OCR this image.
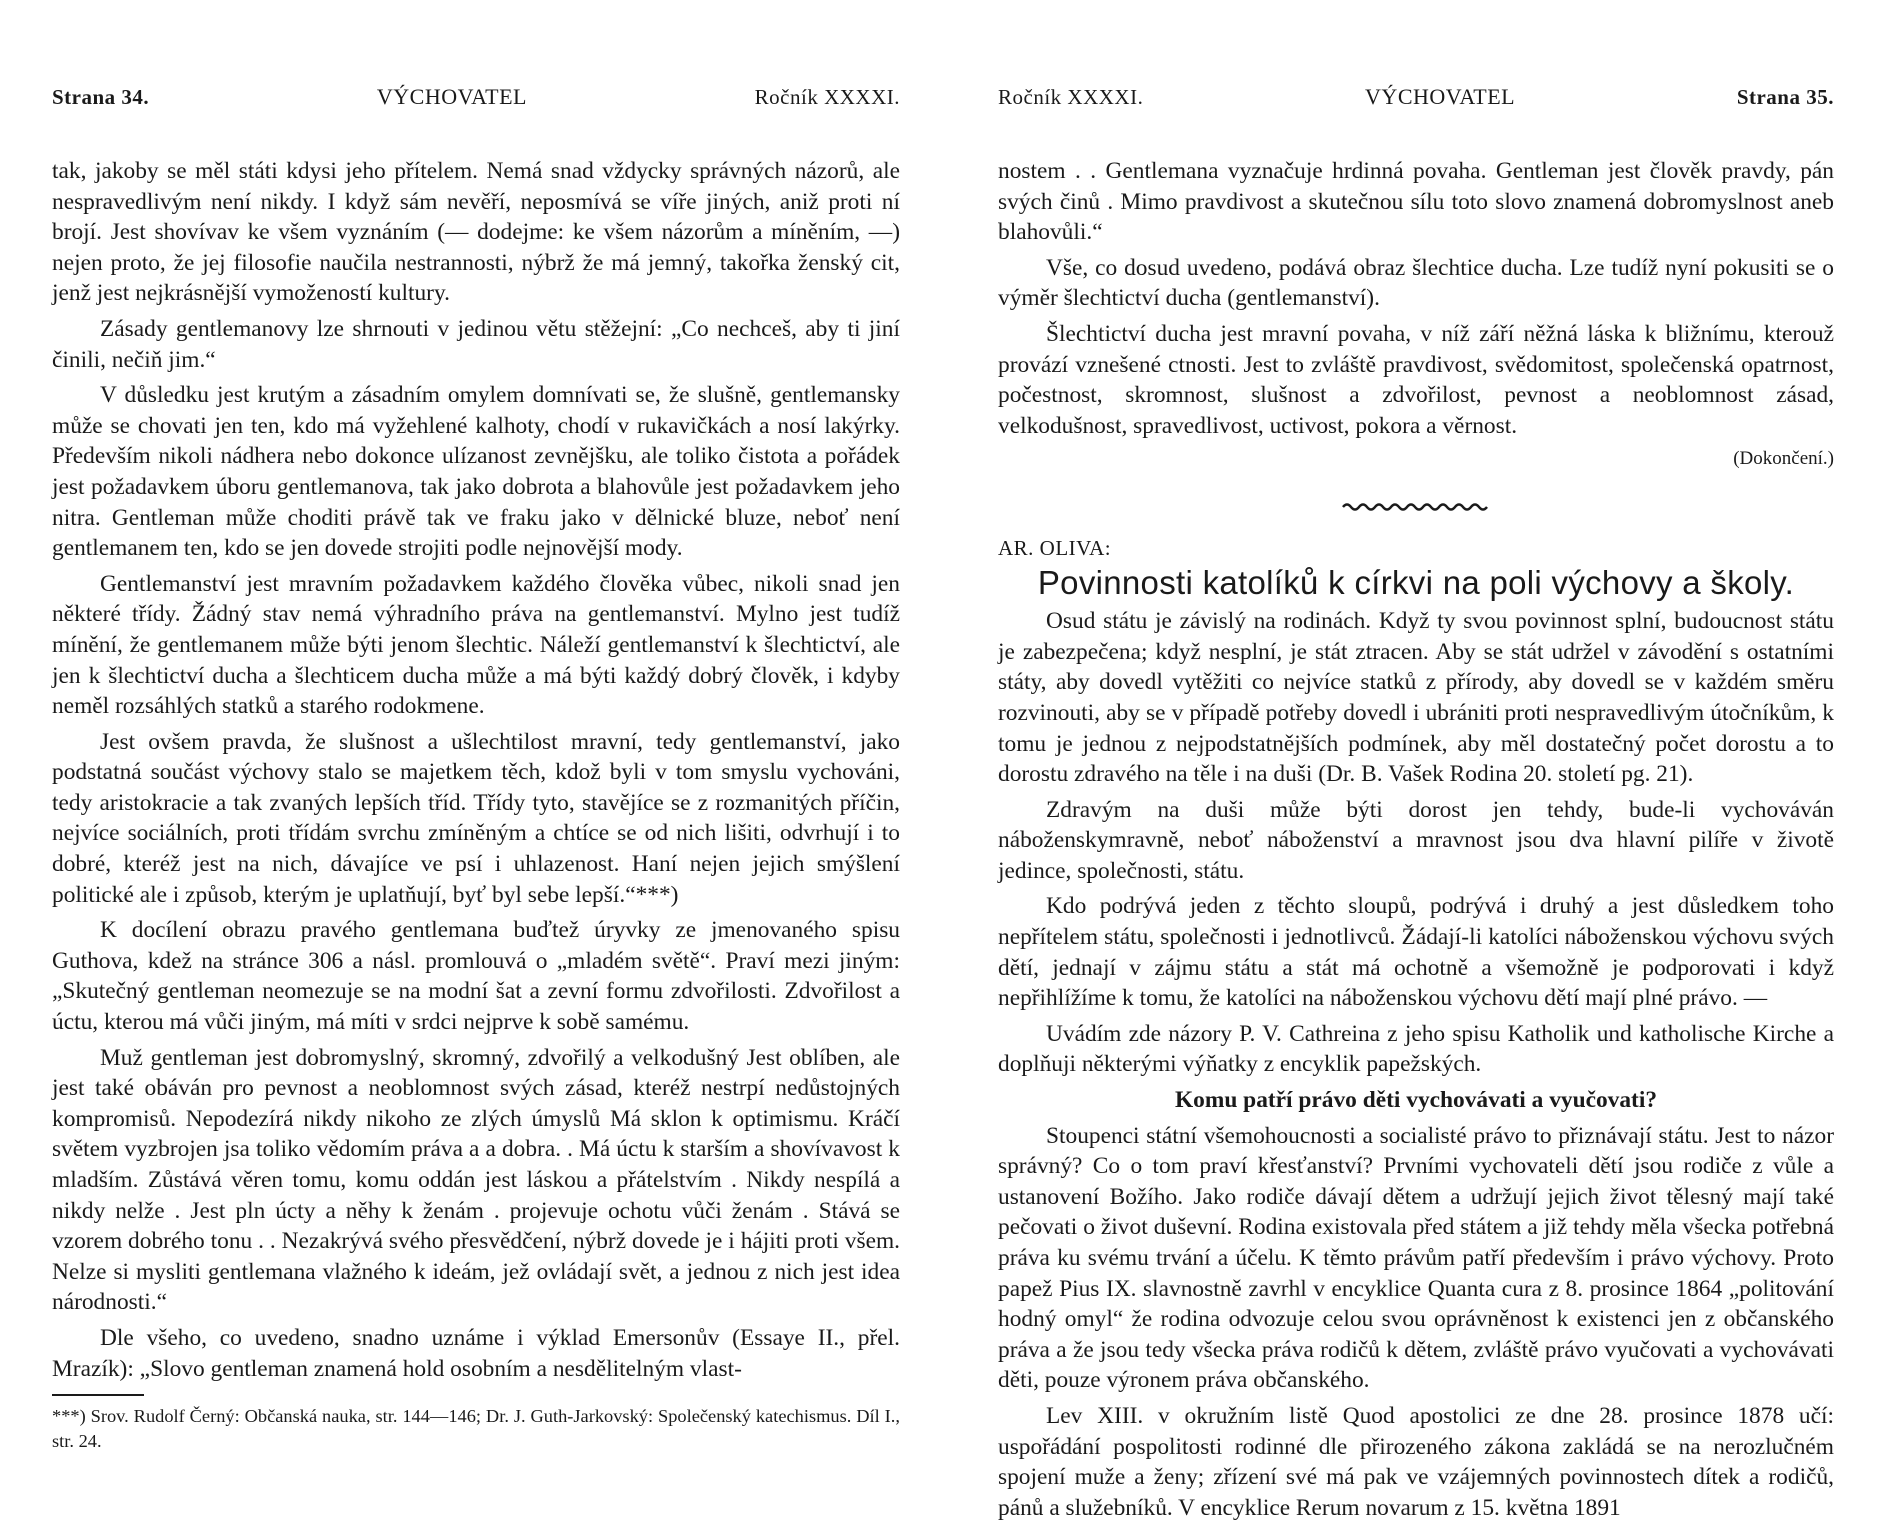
Strana 34.	VÝCHOVATEL	Ročník XXXXI.

tak, jakoby se měl státi kdysi jeho přítelem. Nemá snad vždycky správných názorů, ale nespravedlivým není nikdy. I když sám nevěří, neposmívá se víře jiných, aniž proti ní brojí. Jest shovívav ke všem vyznáním (— dodejme: ke všem názorům a míněním, —) nejen proto, že jej filosofie naučila nestrannosti, nýbrž že má jemný, takořka ženský cit, jenž jest nejkrásnější vymožeností kultury.

Zásady gentlemanovy lze shrnouti v jedinou větu stěžejní: „Co nechceš, aby ti jiní činili, nečiň jim.“

V důsledku jest krutým a zásadním omylem domnívati se, že slušně, gentlemansky může se chovati jen ten, kdo má vyžehlené kalhoty, chodí v rukavičkách a nosí lakýrky. Především nikoli nádhera nebo dokonce ulízanost zevnějšku, ale toliko čistota a pořádek jest požadavkem úboru gentlemanova, tak jako dobrota a blahovůle jest požadavkem jeho nitra. Gentleman může choditi právě tak ve fraku jako v dělnické bluze, neboť není gentlemanem ten, kdo se jen dovede strojiti podle nejnovější mody.

Gentlemanství jest mravním požadavkem každého člověka vůbec, nikoli snad jen některé třídy. Žádný stav nemá výhradního práva na gentlemanství. Mylno jest tudíž mínění, že gentlemanem může býti jenom šlechtic. Náleží gentlemanství k šlechtictví, ale jen k šlechtictví ducha a šlechticem ducha může a má býti každý dobrý člověk, i kdyby neměl rozsáhlých statků a starého rodokmene.

Jest ovšem pravda, že slušnost a ušlechtilost mravní, tedy gentlemanství, jako podstatná součást výchovy stalo se majetkem těch, kdož byli v tom smyslu vychováni, tedy aristokracie a tak zvaných lepších tříd. Třídy tyto, stavějíce se z rozmanitých příčin, nejvíce sociálních, proti třídám svrchu zmíněným a chtíce se od nich lišiti, odvrhují i to dobré, kteréž jest na nich, dávajíce ve psí i uhlazenost. Haní nejen jejich smýšlení politické ale i způsob, kterým je uplatňují, byť byl sebe lepší.“***)

K docílení obrazu pravého gentlemana buďtež úryvky ze jmenovaného spisu Guthova, kdež na stránce 306 a násl. promlouvá o „mladém světě“. Praví mezi jiným: „Skutečný gentleman neomezuje se na modní šat a zevní formu zdvořilosti. Zdvořilost a úctu, kterou má vůči jiným, má míti v srdci nejprve k sobě samému.

Muž gentleman jest dobromyslný, skromný, zdvořilý a velkodušný Jest oblíben, ale jest také obáván pro pevnost a neoblomnost svých zásad, kteréž nestrpí nedůstojných kompromisů. Nepodezírá nikdy nikoho ze zlých úmyslů Má sklon k optimismu. Kráčí světem vyzbrojen jsa toliko vědomím práva a a dobra. . Má úctu k starším a shovívavost k mladším. Zůstává věren tomu, komu oddán jest láskou a přátelstvím . Nikdy nespílá a nikdy nelže . Jest pln úcty a něhy k ženám . projevuje ochotu vůči ženám . Stává se vzorem dobrého tonu . . Nezakrývá svého přesvědčení, nýbrž dovede je i hájiti proti všem. Nelze si mysliti gentlemana vlažného k ideám, jež ovládají svět, a jednou z nich jest idea národnosti.“

Dle všeho, co uvedeno, snadno uznáme i výklad Emersonův (Essaye II., přel. Mrazík): „Slovo gentleman znamená hold osobním a nesdělitelným vlast-

***) Srov. Rudolf Černý: Občanská nauka, str. 144—146; Dr. J. Guth-Jarkovský: Společenský katechismus. Díl I., str. 24.
Ročník XXXXI.	VÝCHOVATEL	Strana 35.

nostem . . Gentlemana vyznačuje hrdinná povaha. Gentleman jest člověk pravdy, pán svých činů . Mimo pravdivost a skutečnou sílu toto slovo znamená dobromyslnost aneb blahovůli.“

Vše, co dosud uvedeno, podává obraz šlechtice ducha. Lze tudíž nyní pokusiti se o výměr šlechtictví ducha (gentlemanství).

Šlechtictví ducha jest mravní povaha, v níž září něžná láska k bližnímu, kterouž provází vznešené ctnosti. Jest to zvláště pravdivost, svědomitost, společenská opatrnost, počestnost, skromnost, slušnost a zdvořilost, pevnost a neoblomnost zásad, velkodušnost, spravedlivost, uctivost, pokora a věrnost.

(Dokončení.)
AR. OLIVA:
Povinnosti katolíků k církvi na poli výchovy a školy.

Osud státu je závislý na rodinách. Když ty svou povinnost splní, budoucnost státu je zabezpečena; když nesplní, je stát ztracen. Aby se stát udržel v závodění s ostatními státy, aby dovedl vytěžiti co nejvíce statků z přírody, aby dovedl se v každém směru rozvinouti, aby se v případě potřeby dovedl i ubrániti proti nespravedlivým útočníkům, k tomu je jednou z nejpodstatnějších podmínek, aby měl dostatečný počet dorostu a to dorostu zdravého na těle i na duši (Dr. B. Vašek Rodina 20. století pg. 21).

Zdravým na duši může býti dorost jen tehdy, bude-li vychováván náboženskymravně, neboť náboženství a mravnost jsou dva hlavní pilíře v životě jedince, společnosti, státu.

Kdo podrývá jeden z těchto sloupů, podrývá i druhý a jest důsledkem toho nepřítelem státu, společnosti i jednotlivců. Žádají-li katolíci náboženskou výchovu svých dětí, jednají v zájmu státu a stát má ochotně a všemožně je podporovati i když nepřihlížíme k tomu, že katolíci na náboženskou výchovu dětí mají plné právo. —

Uvádím zde názory P. V. Cathreina z jeho spisu Katholik und katholische Kirche a doplňuji některými výňatky z encyklik papežských.

Komu patří právo děti vychovávati a vyučovati?

Stoupenci státní všemohoucnosti a socialisté právo to přiznávají státu. Jest to názor správný? Co o tom praví křesťanství? Prvními vychovateli dětí jsou rodiče z vůle a ustanovení Božího. Jako rodiče dávají dětem a udržují jejich život tělesný mají také pečovati o život duševní. Rodina existovala před státem a již tehdy měla všecka potřebná práva ku svému trvání a účelu. K těmto právům patří především i právo výchovy. Proto papež Pius IX. slavnostně zavrhl v encyklice Quanta cura z 8. prosince 1864 „politování hodný omyl“ že rodina odvozuje celou svou oprávněnost k existenci jen z občanského práva a že jsou tedy všecka práva rodičů k dětem, zvláště právo vyučovati a vychovávati děti, pouze výronem práva občanského.

Lev XIII. v okružním listě Quod apostolici ze dne 28. prosince 1878 učí: uspořádání pospolitosti rodinné dle přirozeného zákona zakládá se na nerozlučném spojení muže a ženy; zřízení své má pak ve vzájemných povinnostech dítek a rodičů, pánů a služebníků. V encyklice Rerum novarum z 15. května 1891
